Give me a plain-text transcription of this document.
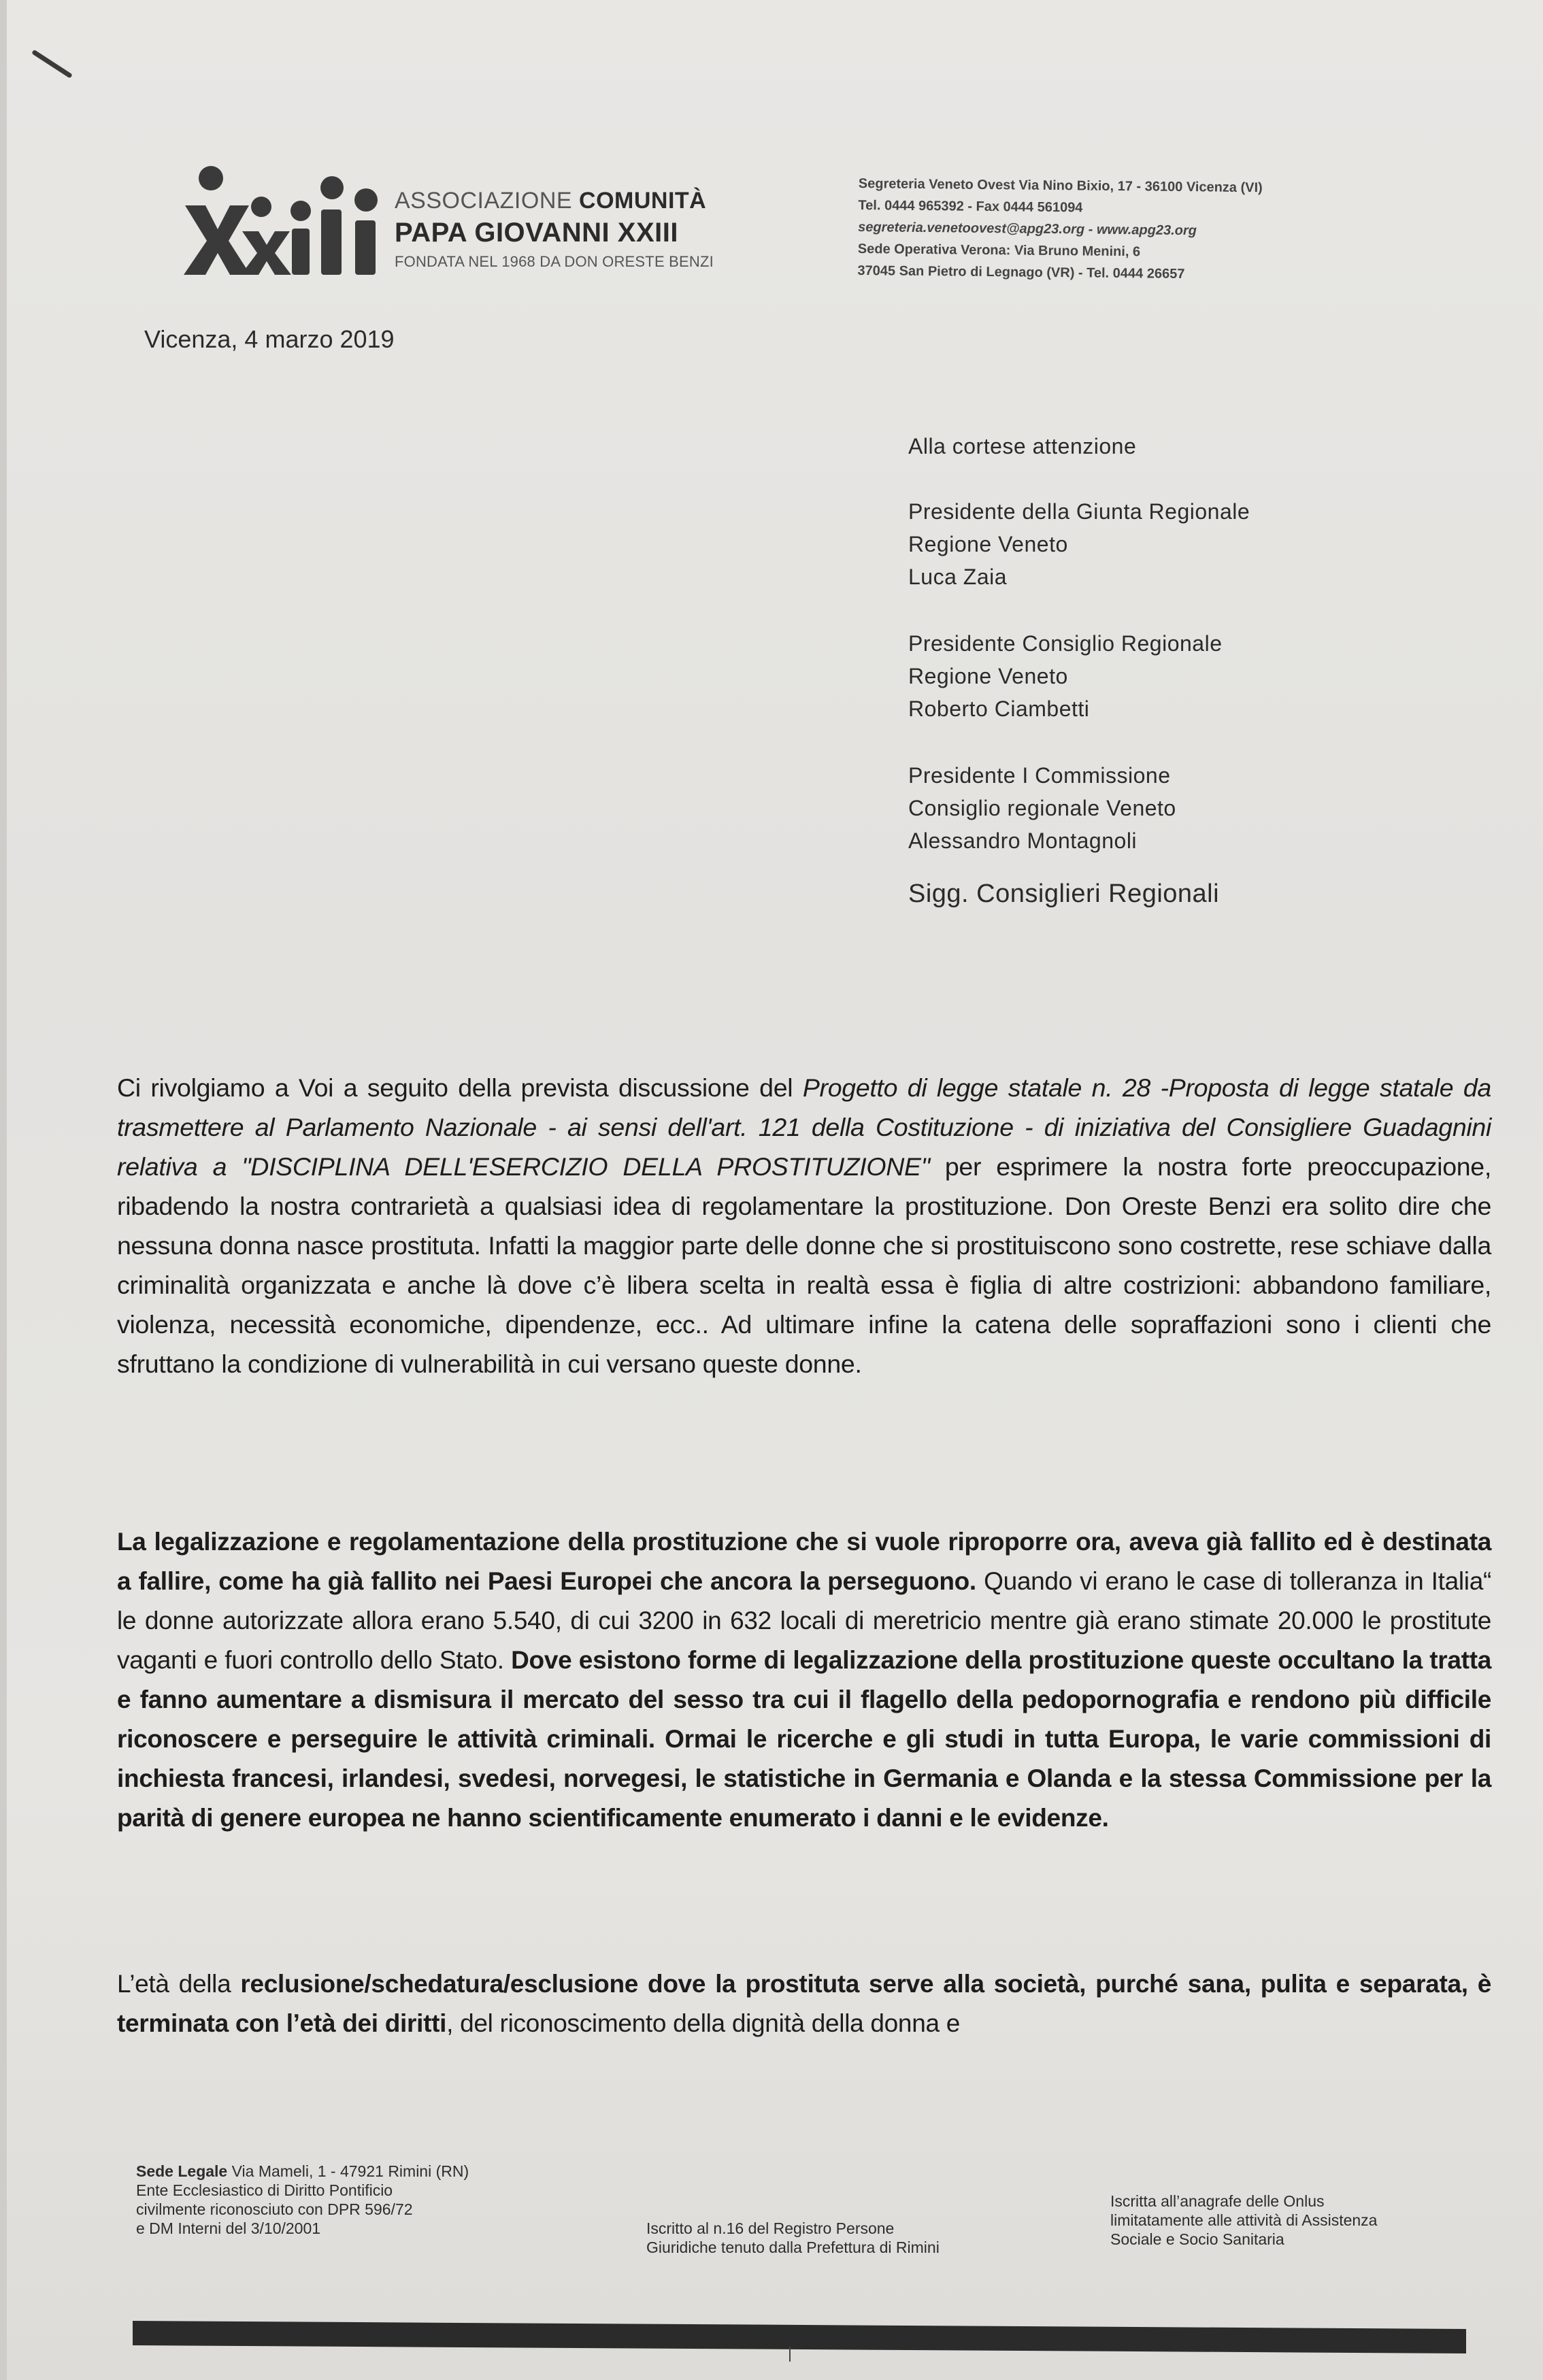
ASSOCIAZIONE COMUNITÀ
PAPA GIOVANNI XXIII
FONDATA NEL 1968 DA DON ORESTE BENZI
Segreteria Veneto Ovest Via Nino Bixio, 17 - 36100 Vicenza (VI)
Tel. 0444 965392 - Fax 0444 561094
segreteria.venetoovest@apg23.org - www.apg23.org
Sede Operativa Verona: Via Bruno Menini, 6
37045 San Pietro di Legnago (VR) - Tel. 0444 26657
Vicenza, 4 marzo 2019
Alla cortese attenzione
Presidente della Giunta Regionale
Regione Veneto
Luca Zaia
Presidente Consiglio Regionale
Regione Veneto
Roberto Ciambetti
Presidente I Commissione
Consiglio regionale Veneto
Alessandro Montagnoli
Sigg. Consiglieri Regionali
Ci rivolgiamo a Voi a seguito della prevista discussione del Progetto di legge statale n. 28 -Proposta di legge statale da trasmettere al Parlamento Nazionale - ai sensi dell'art. 121 della Costituzione - di iniziativa del Consigliere Guadagnini relativa a "DISCIPLINA DELL'ESERCIZIO DELLA PROSTITUZIONE" per esprimere la nostra forte preoccupazione, ribadendo la nostra contrarietà a qualsiasi idea di regolamentare la prostituzione. Don Oreste Benzi era solito dire che nessuna donna nasce prostituta. Infatti la maggior parte delle donne che si prostituiscono sono costrette, rese schiave dalla criminalità organizzata e anche là dove c’è libera scelta in realtà essa è figlia di altre costrizioni: abbandono familiare, violenza, necessità economiche, dipendenze, ecc.. Ad ultimare infine la catena delle sopraffazioni sono i clienti che sfruttano la condizione di vulnerabilità in cui versano queste donne.
La legalizzazione e regolamentazione della prostituzione che si vuole riproporre ora, aveva già fallito ed è destinata a fallire, come ha già fallito nei Paesi Europei che ancora la perseguono. Quando vi erano le case di tolleranza in Italia“ le donne autorizzate allora erano 5.540, di cui 3200 in 632 locali di meretricio mentre già erano stimate 20.000 le prostitute vaganti e fuori controllo dello Stato. Dove esistono forme di legalizzazione della prostituzione queste occultano la tratta e fanno aumentare a dismisura il mercato del sesso tra cui il flagello della pedopornografia e rendono più difficile riconoscere e perseguire le attività criminali. Ormai le ricerche e gli studi in tutta Europa, le varie commissioni di inchiesta francesi, irlandesi, svedesi, norvegesi, le statistiche in Germania e Olanda e la stessa Commissione per la parità di genere europea ne hanno scientificamente enumerato i danni e le evidenze.
L’età della reclusione/schedatura/esclusione dove la prostituta serve alla società, purché sana, pulita e separata, è terminata con l’età dei diritti, del riconoscimento della dignità della donna e
Sede Legale Via Mameli, 1 - 47921 Rimini (RN)
Ente Ecclesiastico di Diritto Pontificio
civilmente riconosciuto con DPR 596/72
e DM Interni del 3/10/2001	Iscritto al n.16 del Registro Persone
Giuridiche tenuto dalla Prefettura di Rimini
Iscritta all’anagrafe delle Onlus
limitatamente alle attività di Assistenza
Sociale e Socio Sanitaria
